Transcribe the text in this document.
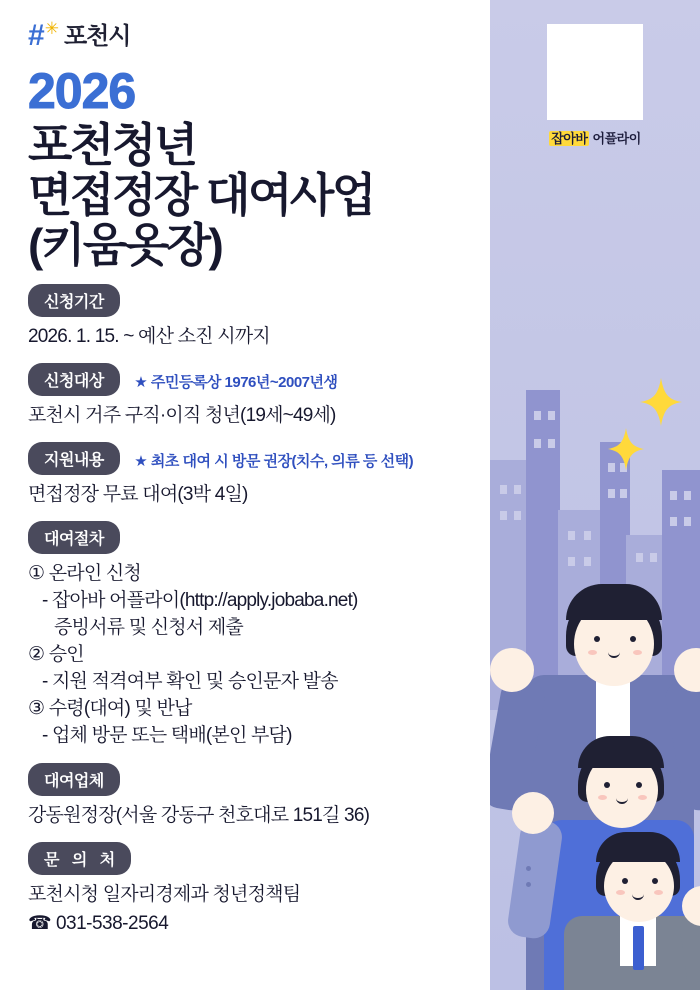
잡아바 어플라이
# ✳ 포천시
2026
포천청년
면접정장 대여사업
(키움옷장)
신청기간
2026. 1. 15. ~ 예산 소진 시까지
신청대상 ★ 주민등록상 1976년~2007년생
포천시 거주 구직·이직 청년(19세~49세)
지원내용 ★ 최초 대여 시 방문 권장(치수, 의류 등 선택)
면접정장 무료 대여(3박 4일)
대여절차
① 온라인 신청
- 잡아바 어플라이(http://apply.jobaba.net)
증빙서류 및 신청서 제출
② 승인
- 지원 적격여부 확인 및 승인문자 발송
③ 수령(대여) 및 반납
- 업체 방문 또는 택배(본인 부담)
대여업체
강동원정장(서울 강동구 천호대로 151길 36)
문 의 처
포천시청 일자리경제과 청년정책팀
☎ 031-538-2564
